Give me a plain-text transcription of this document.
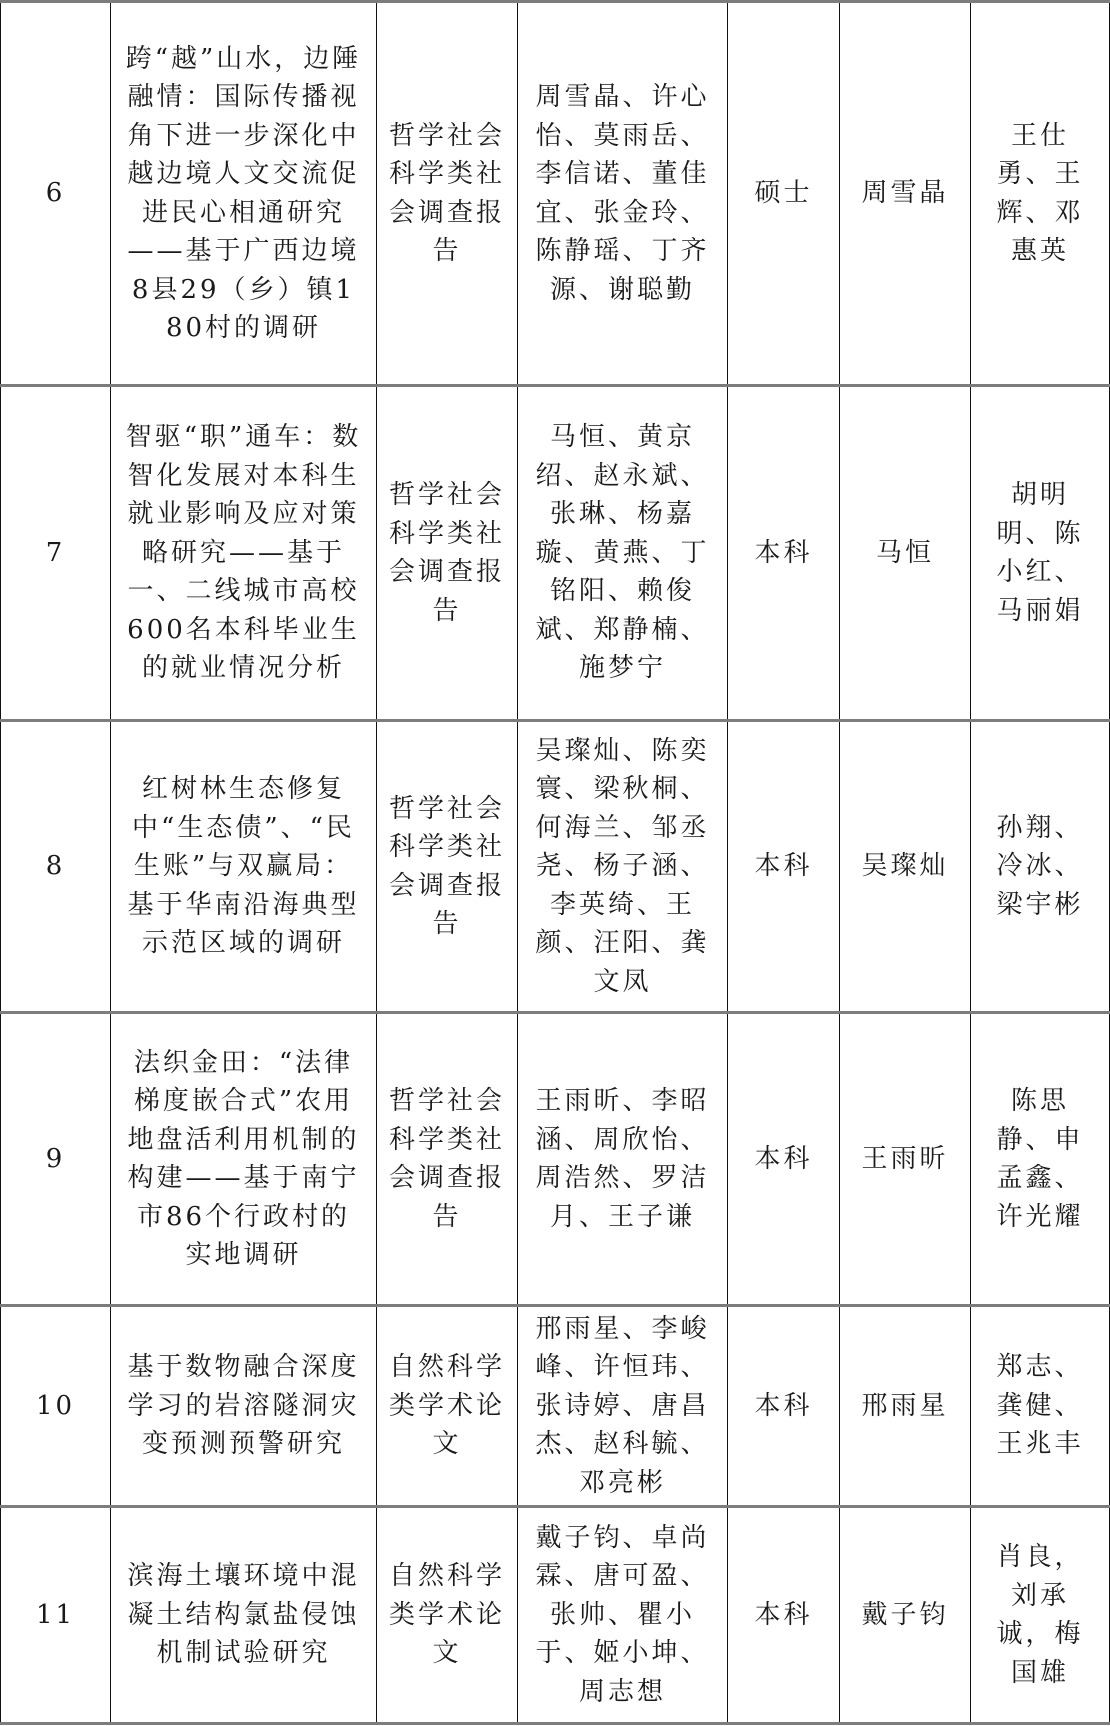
6	跨“越”山水，边陲融情：国际传播视角下进一步深化中越边境人文交流促进民心相通研究——基于广西边境8县29（乡）镇180村的调研	哲学社会科学类社会调查报告	周雪晶、许心怡、莫雨岳、李信诺、董佳宜、张金玲、陈静瑶、丁齐源、谢聪勤	硕士	周雪晶	王仕勇、王辉、邓惠英
7	智驱“职”通车：数智化发展对本科生就业影响及应对策略研究——基于一、二线城市高校600名本科毕业生的就业情况分析	哲学社会科学类社会调查报告	马恒、黄京绍、赵永斌、张琳、杨嘉璇、黄燕、丁铭阳、赖俊斌、郑静楠、施梦宁	本科	马恒	胡明明、陈小红、马丽娟
8	红树林生态修复中“生态债”、“民生账”与双赢局：基于华南沿海典型示范区域的调研	哲学社会科学类社会调查报告	吴璨灿、陈奕寰、梁秋桐、何海兰、邹丞尧、杨子涵、李英绮、王颜、汪阳、龚文凤	本科	吴璨灿	孙翔、冷冰、梁宇彬
9	法织金田：“法律梯度嵌合式”农用地盘活利用机制的构建——基于南宁市86个行政村的实地调研	哲学社会科学类社会调查报告	王雨昕、李昭涵、周欣怡、周浩然、罗洁月、王子谦	本科	王雨昕	陈思静、申孟鑫、许光耀
10	基于数物融合深度学习的岩溶隧洞灾变预测预警研究	自然科学类学术论文	邢雨星、李峻峰、许恒玮、张诗婷、唐昌杰、赵科毓、邓亮彬	本科	邢雨星	郑志、龚健、王兆丰
11	滨海土壤环境中混凝土结构氯盐侵蚀机制试验研究	自然科学类学术论文	戴子钧、卓尚霖、唐可盈、张帅、瞿小于、姬小坤、周志想	本科	戴子钧	肖良，刘承诚，梅国雄
